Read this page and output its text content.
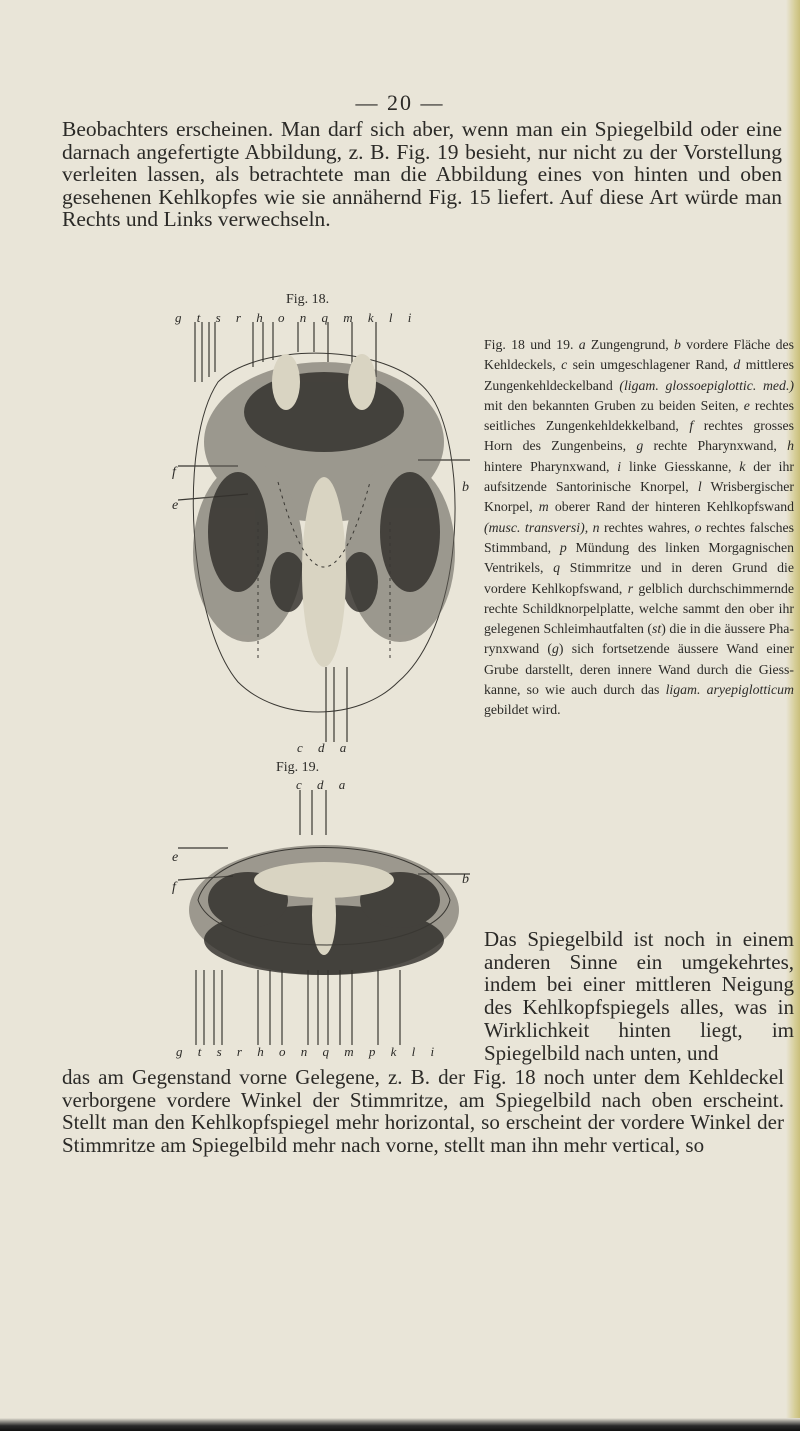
— 20 —

Beobachters erscheinen. Man darf sich aber, wenn man ein Spiegelbild oder eine darnach angefertigte Abbildung, z. B. Fig. 19 besieht, nur nicht zu der Vorstellung verleiten lassen, als betrachtete man die Abbildung eines von hinten und oben gesehenen Kehlkopfes wie sie annähernd Fig. 15 liefert. Auf diese Art würde man Rechts und Links verwechseln.

Fig. 18.
g t s r h o n q m k l i
f
e
b
c d a
Fig. 19.
c d a
e
f
b
g t s r h o n q m p k l i

Fig. 18 und 19. a Zungengrund, b vordere Fläche des Kehldeckels, c sein umgeschlagener Rand, d mittleres Zungenkehldeckelband (ligam. glossoepiglottic. med.) mit den bekannten Gruben zu beiden Seiten, e rechtes seitliches Zungenkehldekkelband, f rechtes grosses Horn des Zungenbeins, g rechte Pharynxwand, h hintere Pharynxwand, i linke Giesskanne, k der ihr aufsitzende Santorinische Knorpel, l Wrisbergischer Knorpel, m oberer Rand der hinteren Kehlkopfswand (musc. transversi), n rechtes wahres, o rechtes falsches Stimmband, p Mündung des linken Morgagnischen Ventrikels, q Stimmritze und in deren Grund die vordere Kehlkopfswand, r gelblich durchschimmernde rechte Schildknorpelplatte, welche sammt den ober ihr gelegenen Schleimhautfalten (st) die in die äussere Pharynxwand (g) sich fortsetzende äussere Wand einer Grube darstellt, deren innere Wand durch die Giesskanne, so wie auch durch das ligam. aryepiglotticum gebildet wird.

Das Spiegelbild ist noch in einem anderen Sinne ein umgekehrtes, indem bei einer mittleren Neigung des Kehlkopfspiegels alles, was in Wirklichkeit hinten liegt, im Spiegelbild nach unten, und

das am Gegenstand vorne Gelegene, z. B. der Fig. 18 noch unter dem Kehldeckel verborgene vordere Winkel der Stimmritze, am Spiegelbild nach oben erscheint. Stellt man den Kehlkopfspiegel mehr horizontal, so erscheint der vordere Winkel der Stimmritze am Spiegelbild mehr nach vorne, stellt man ihn mehr vertical, so
